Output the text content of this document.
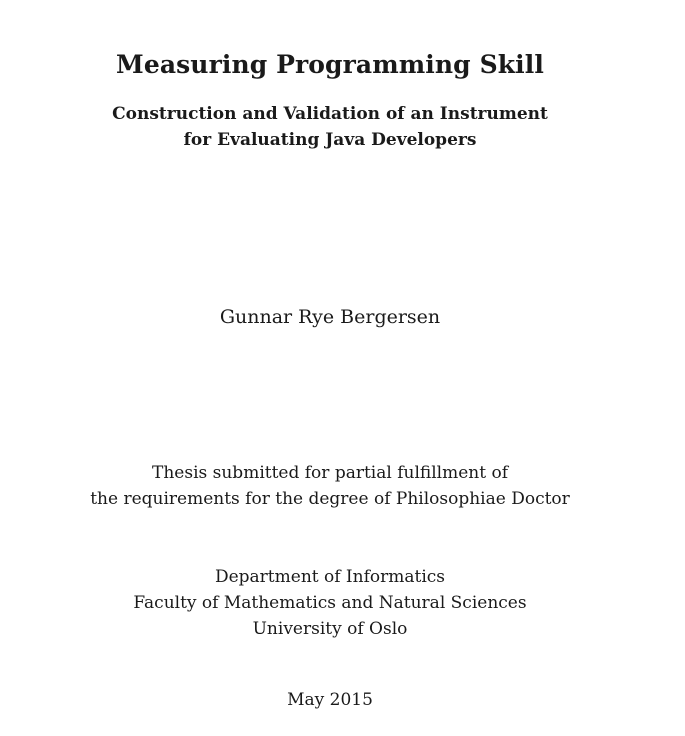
Measuring Programming Skill
Construction and Validation of an Instrument
for Evaluating Java Developers
Gunnar Rye Bergersen
Thesis submitted for partial fulfillment of
the requirements for the degree of Philosophiae Doctor
Department of Informatics
Faculty of Mathematics and Natural Sciences
University of Oslo
May 2015
